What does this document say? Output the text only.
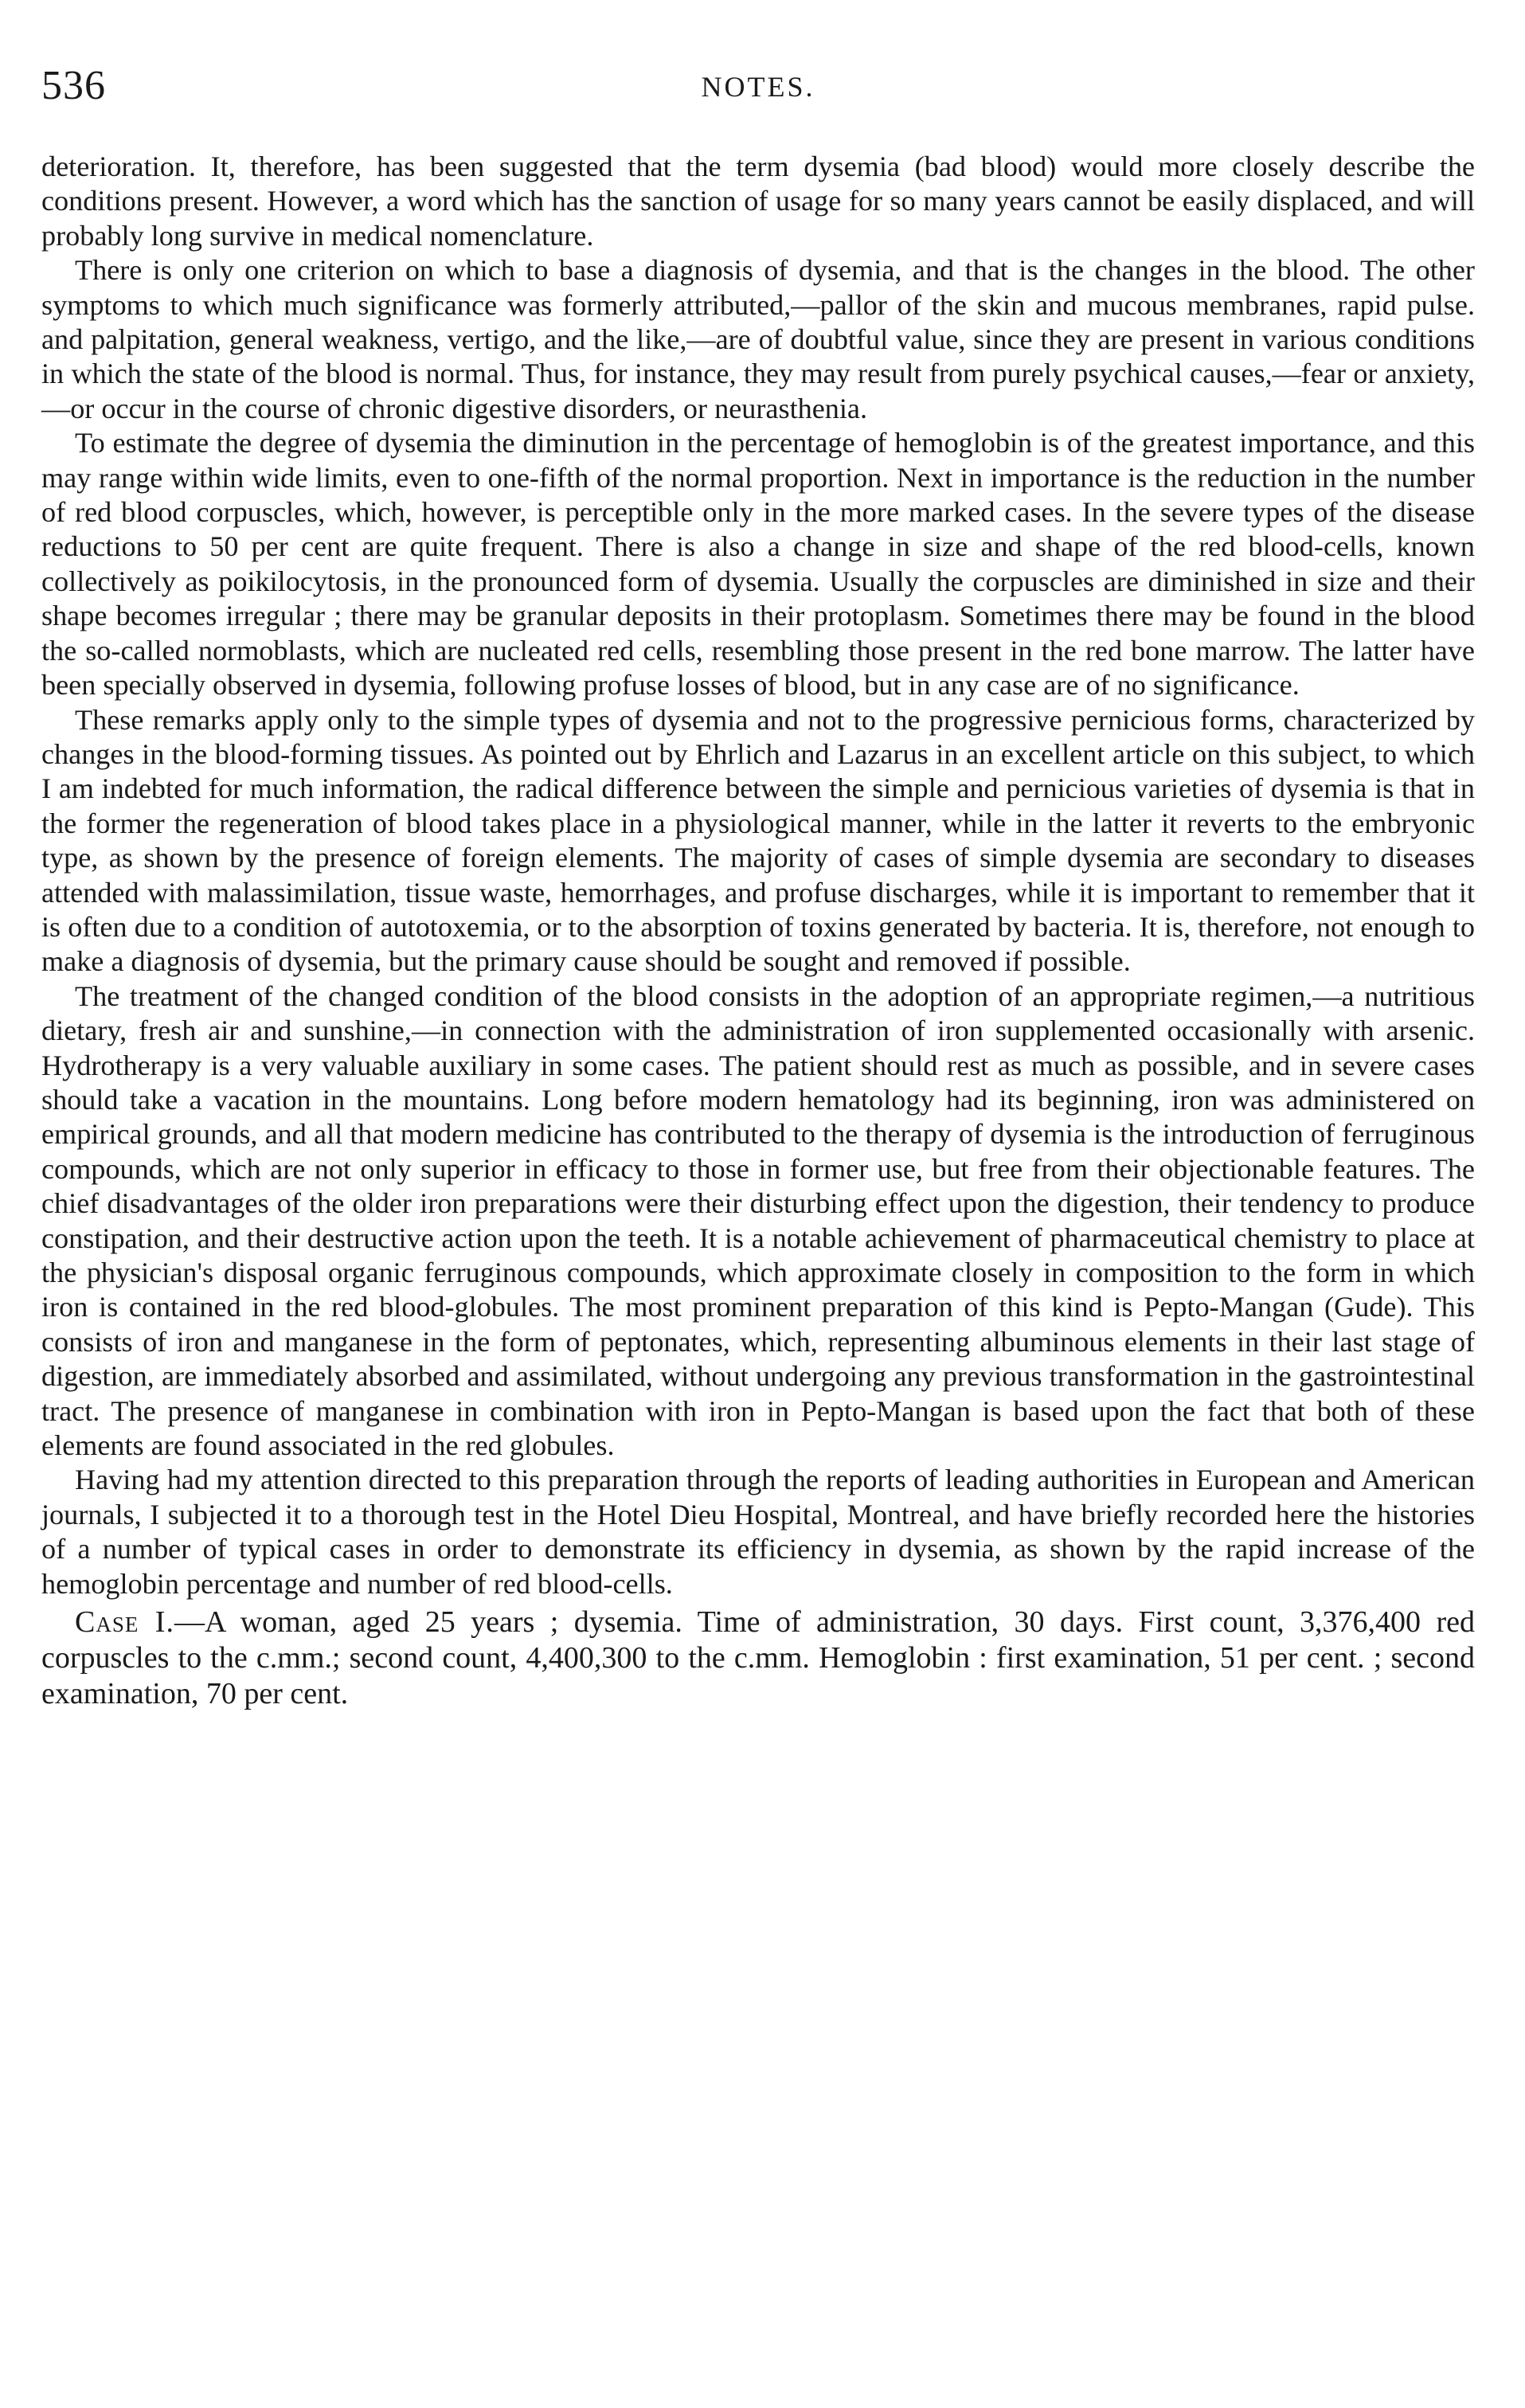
536	NOTES.

deterioration. It, therefore, has been suggested that the term dysemia (bad blood) would more closely describe the conditions present. However, a word which has the sanction of usage for so many years cannot be easily displaced, and will probably long survive in medical nomenclature.

There is only one criterion on which to base a diagnosis of dysemia, and that is the changes in the blood. The other symptoms to which much significance was formerly attributed,—pallor of the skin and mucous membranes, rapid pulse. and palpitation, general weakness, vertigo, and the like,—are of doubtful value, since they are present in various conditions in which the state of the blood is normal. Thus, for instance, they may result from purely psychical causes,—fear or anxiety,—or occur in the course of chronic digestive disorders, or neurasthenia.

To estimate the degree of dysemia the diminution in the percentage of hemoglobin is of the greatest importance, and this may range within wide limits, even to one-fifth of the normal proportion. Next in importance is the reduction in the number of red blood corpuscles, which, however, is perceptible only in the more marked cases. In the severe types of the disease reductions to 50 per cent are quite frequent. There is also a change in size and shape of the red blood-cells, known collectively as poikilocytosis, in the pronounced form of dysemia. Usually the corpuscles are diminished in size and their shape becomes irregular ; there may be granular deposits in their protoplasm. Sometimes there may be found in the blood the so-called normoblasts, which are nucleated red cells, resembling those present in the red bone marrow. The latter have been specially observed in dysemia, following profuse losses of blood, but in any case are of no significance.

These remarks apply only to the simple types of dysemia and not to the progressive pernicious forms, characterized by changes in the blood-forming tissues. As pointed out by Ehrlich and Lazarus in an excellent article on this subject, to which I am indebted for much information, the radical difference between the simple and pernicious varieties of dysemia is that in the former the regeneration of blood takes place in a physiological manner, while in the latter it reverts to the embryonic type, as shown by the presence of foreign elements. The majority of cases of simple dysemia are secondary to diseases attended with malassimilation, tissue waste, hemorrhages, and profuse discharges, while it is important to remember that it is often due to a condition of autotoxemia, or to the absorption of toxins generated by bacteria. It is, therefore, not enough to make a diagnosis of dysemia, but the primary cause should be sought and removed if possible.

The treatment of the changed condition of the blood consists in the adoption of an appropriate regimen,—a nutritious dietary, fresh air and sunshine,—in connection with the administration of iron supplemented occasionally with arsenic. Hydrotherapy is a very valuable auxiliary in some cases. The patient should rest as much as possible, and in severe cases should take a vacation in the mountains. Long before modern hematology had its beginning, iron was administered on empirical grounds, and all that modern medicine has contributed to the therapy of dysemia is the introduction of ferruginous compounds, which are not only superior in efficacy to those in former use, but free from their objectionable features. The chief disadvantages of the older iron preparations were their disturbing effect upon the digestion, their tendency to produce constipation, and their destructive action upon the teeth. It is a notable achievement of pharmaceutical chemistry to place at the physician's disposal organic ferruginous compounds, which approximate closely in composition to the form in which iron is contained in the red blood-globules. The most prominent preparation of this kind is Pepto-Mangan (Gude). This consists of iron and manganese in the form of peptonates, which, representing albuminous elements in their last stage of digestion, are immediately absorbed and assimilated, without undergoing any previous transformation in the gastrointestinal tract. The presence of manganese in combination with iron in Pepto-Mangan is based upon the fact that both of these elements are found associated in the red globules.

Having had my attention directed to this preparation through the reports of leading authorities in European and American journals, I subjected it to a thorough test in the Hotel Dieu Hospital, Montreal, and have briefly recorded here the histories of a number of typical cases in order to demonstrate its efficiency in dysemia, as shown by the rapid increase of the hemoglobin percentage and number of red blood-cells.

Case I.—A woman, aged 25 years ; dysemia. Time of administration, 30 days. First count, 3,376,400 red corpuscles to the c.mm.; second count, 4,400,300 to the c.mm. Hemoglobin : first examination, 51 per cent. ; second examination, 70 per cent.
